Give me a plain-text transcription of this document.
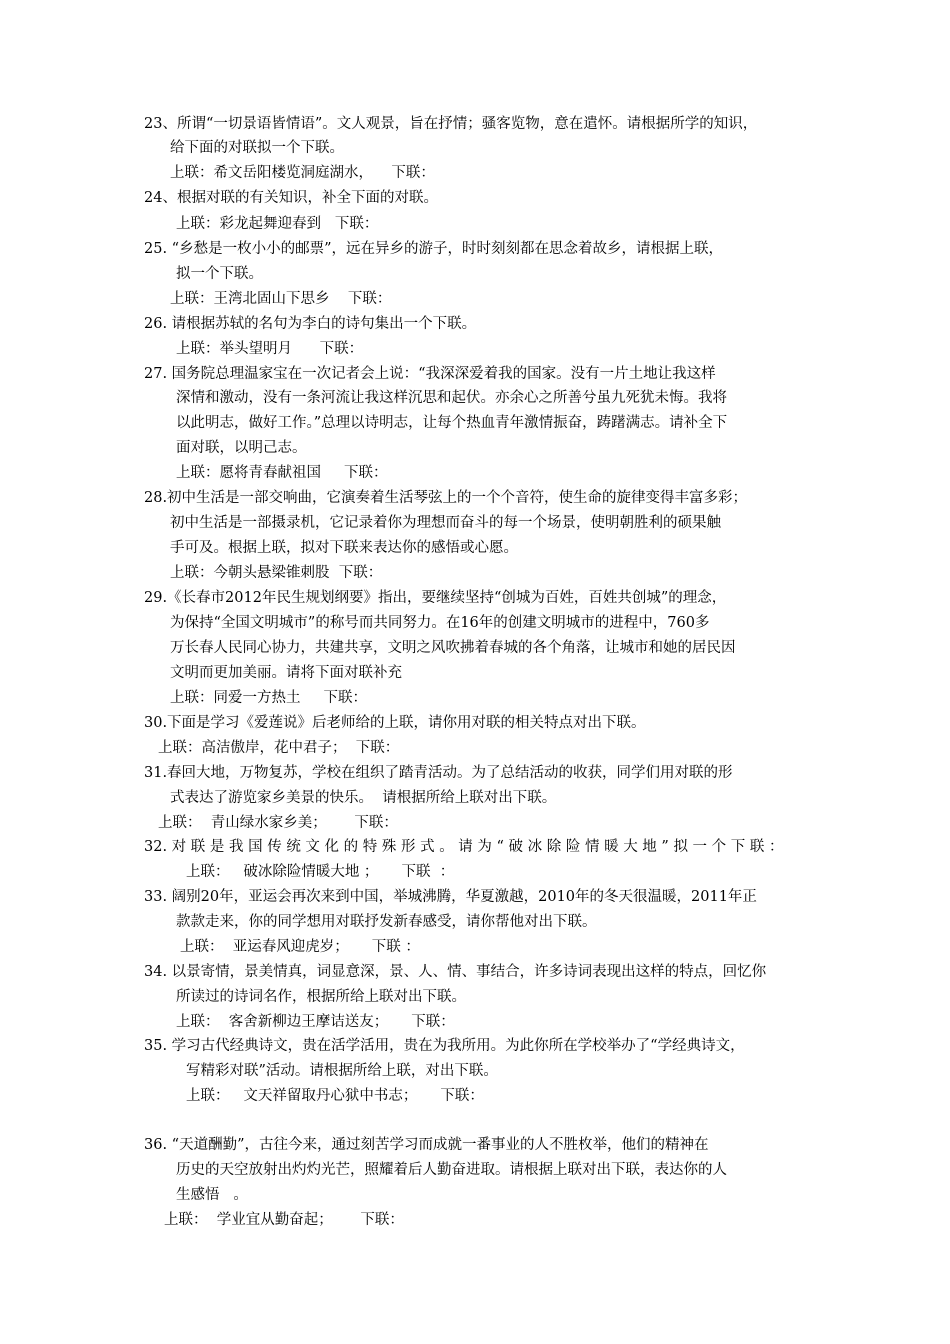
23、所谓“一切景语皆情语”。文人观景，旨在抒情；骚客览物，意在遣怀。请根据所学的知识，
给下面的对联拟一个下联。
上联：希文岳阳楼览洞庭湖水，    下联：
24、根据对联的有关知识，补全下面的对联。
上联：彩龙起舞迎春到   下联：
25. “乡愁是一枚小小的邮票”，远在异乡的游子，时时刻刻都在思念着故乡，请根据上联，
拟一个下联。
上联：王湾北固山下思乡    下联：
26. 请根据苏轼的名句为李白的诗句集出一个下联。
上联：举头望明月      下联：
27. 国务院总理温家宝在一次记者会上说：“我深深爱着我的国家。没有一片土地让我这样
深情和激动，没有一条河流让我这样沉思和起伏。亦余心之所善兮虽九死犹未悔。我将
以此明志，做好工作。”总理以诗明志，让每个热血青年激情振奋，踌躇满志。请补全下
面对联，以明己志。
上联：愿将青春献祖国     下联：
28.初中生活是一部交响曲，它演奏着生活琴弦上的一个个音符，使生命的旋律变得丰富多彩；
初中生活是一部摄录机，它记录着你为理想而奋斗的每一个场景，使明朝胜利的硕果触
手可及。根据上联，拟对下联来表达你的感悟或心愿。
上联：今朝头悬梁锥刺股  下联：
29.《长春市2012年民生规划纲要》指出，要继续坚持“创城为百姓，百姓共创城”的理念，
为保持“全国文明城市”的称号而共同努力。在16年的创建文明城市的进程中，760多
万长春人民同心协力，共建共享，文明之风吹拂着春城的各个角落，让城市和她的居民因
文明而更加美丽。请将下面对联补充
上联：同爱一方热土     下联：
30.下面是学习《爱莲说》后老师给的上联，请你用对联的相关特点对出下联。
上联：高洁傲岸，花中君子；  下联：
31.春回大地，万物复苏，学校在组织了踏青活动。为了总结活动的收获，同学们用对联的形
式表达了游览家乡美景的快乐。  请根据所给上联对出下联。
上联：  青山绿水家乡美；      下联：
32. 对 联 是 我 国 传 统 文 化 的 特 殊 形 式 。 请 为 “ 破 冰 除 险 情 暖 大 地 ” 拟 一 个 下 联 ：
上联：   破冰除险情暖大地 ；     下联  ：
33. 阔别20年，亚运会再次来到中国，举城沸腾，华夏激越，2010年的冬天很温暖，2011年正
款款走来，你的同学想用对联抒发新春感受，请你帮他对出下联。
上联：  亚运春风迎虎岁；     下联 ：
34. 以景寄情，景美情真，词显意深，景、人、情、事结合，许多诗词表现出这样的特点，回忆你
所读过的诗词名作，根据所给上联对出下联。
上联：  客舍新柳边王摩诘送友；     下联：
35. 学习古代经典诗文，贵在活学活用，贵在为我所用。为此你所在学校举办了“学经典诗文，
写精彩对联”活动。请根据所给上联，对出下联。
上联：   文天祥留取丹心狱中书志；     下联：
36. “天道酬勤”，古往今来，通过刻苦学习而成就一番事业的人不胜枚举，他们的精神在
历史的天空放射出灼灼光芒，照耀着后人勤奋进取。请根据上联对出下联，表达你的人
生感悟   。
上联：  学业宜从勤奋起；      下联：
